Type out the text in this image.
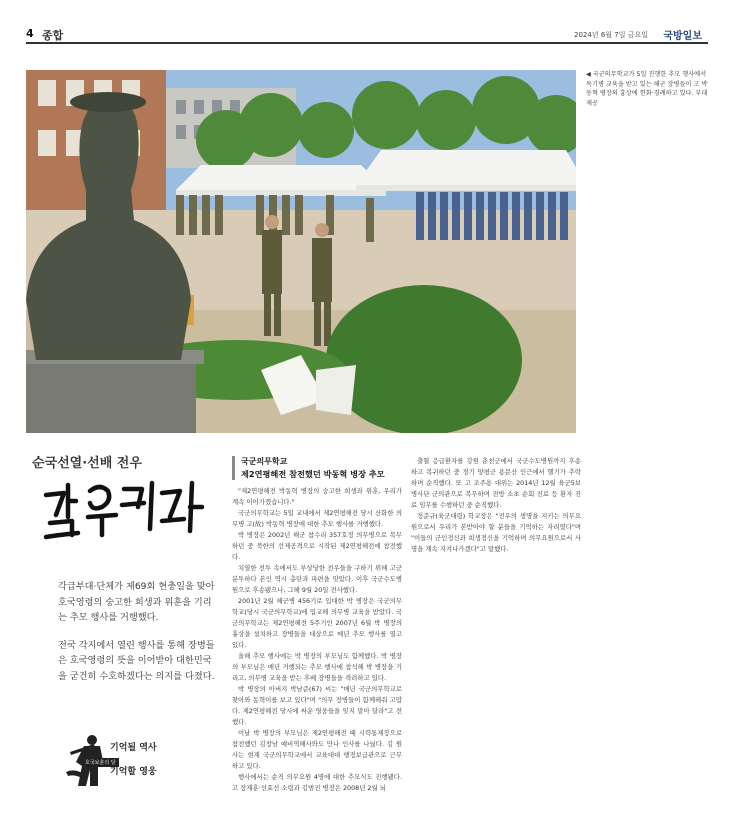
4 종합	2024년 6월 7일 금요일 국방일보
◀ 국군의무학교가 5일 진행한 추모 행사에서 독기병 교육을 받고 있는 해군 장병들이 고 박동혁 병장의 흉상에 헌화·경례하고 있다. 부대 제공
순국선열·선배 전우

각급부대·단체가 제69회 현충일을 맞아 호국영령의 숭고한 희생과 위훈을 기리는 추모 행사를 거행했다.

전국 각지에서 열린 행사를 통해 장병들은 호국영령의 뜻을 이어받아 대한민국을 굳건히 수호하겠다는 의지를 다졌다.

기억될 역사
기억할 영웅
호국보훈의 달
국군의무학교
제2연평해전 참전했던 박동혁 병장 추모

"제2연평해전 박동혁 병장의 숭고한 희생과 위훈, 우리가 계속 이어가겠습니다."

국군의무학교는 5일 교내에서 제2연평해전 당시 산화한 의무병 고(故) 박동혁 병장에 대한 추모 행사를 거행했다.

박 병장은 2002년 해군 참수리 357호정 의무병으로 복무하던 중 북한의 선제공격으로 시작된 제2연평해전에 참전했다.

치열한 전투 속에서도 부상당한 전우들을 구하기 위해 고군분투하다 본인 역시 총탄과 파편을 맞았다. 이후 국군수도병원으로 후송됐으나, 그해 9월 20일 전사했다.

2001년 2월 해군병 456기로 입대한 박 병장은 국군의무학교(당시 국군의무학교)에 입교해 의무병 교육을 받았다. 국군의무학교는 제2연평해전 5주기인 2007년 6월 박 병장의 흉상을 설치하고 장병들을 대상으로 매년 추모 행사를 열고 있다.

올해 추모 행사에는 박 병장의 부모님도 함께했다. 박 병장의 부모님은 매년 거행되는 추모 행사에 참석해 박 병장을 기리고, 의무병 교육을 받는 후배 장병들을 격려하고 있다.

박 병장의 아버지 박남준(67) 씨는 "매년 국군의무학교로 찾아와 동혁이를 보고 있다"며 "의무 장병들이 함께해줘 고맙다. 제2연평해전 당시에 싸운 영웅들을 잊지 말아 달라"고 전했다.

이날 박 병장의 부모님은 제2연평해전 때 시력통제장으로 참전했던 김창남 예비역해사와도 만나 인사를 나눴다. 김 원사는 현재 국군의무학교에서 교육대대 행정보급관으로 근무하고 있다.

행사에서는 순직 의무요원 4명에 대한 추모식도 진행됐다. 고 장재훈·선효선 소령과 김범진 병장은 2008년 2월 뇌

출혈 응급환자를 강원 춘천군에서 국군수도병원까지 후송하고 복귀하던 중 경기 양평군 용문산 인근에서 헬기가 추락하며 순직했다. 또 고 조주용 대위는 2014년 12월 육군5보병사단 군의관으로 복무하며 전방 소초 순회 진료 등 환자 진료 임무를 수행하던 중 순직했다.

정준규(육군대령) 학교장은 "전우의 생명을 지키는 의무요원으로서 우리가 본받아야 할 분들을 기억하는 자리였다"며 "이들의 군인정신과 희생정신을 기억하며 의무요원으로서 사명을 계속 지켜나가겠다"고 말했다.
